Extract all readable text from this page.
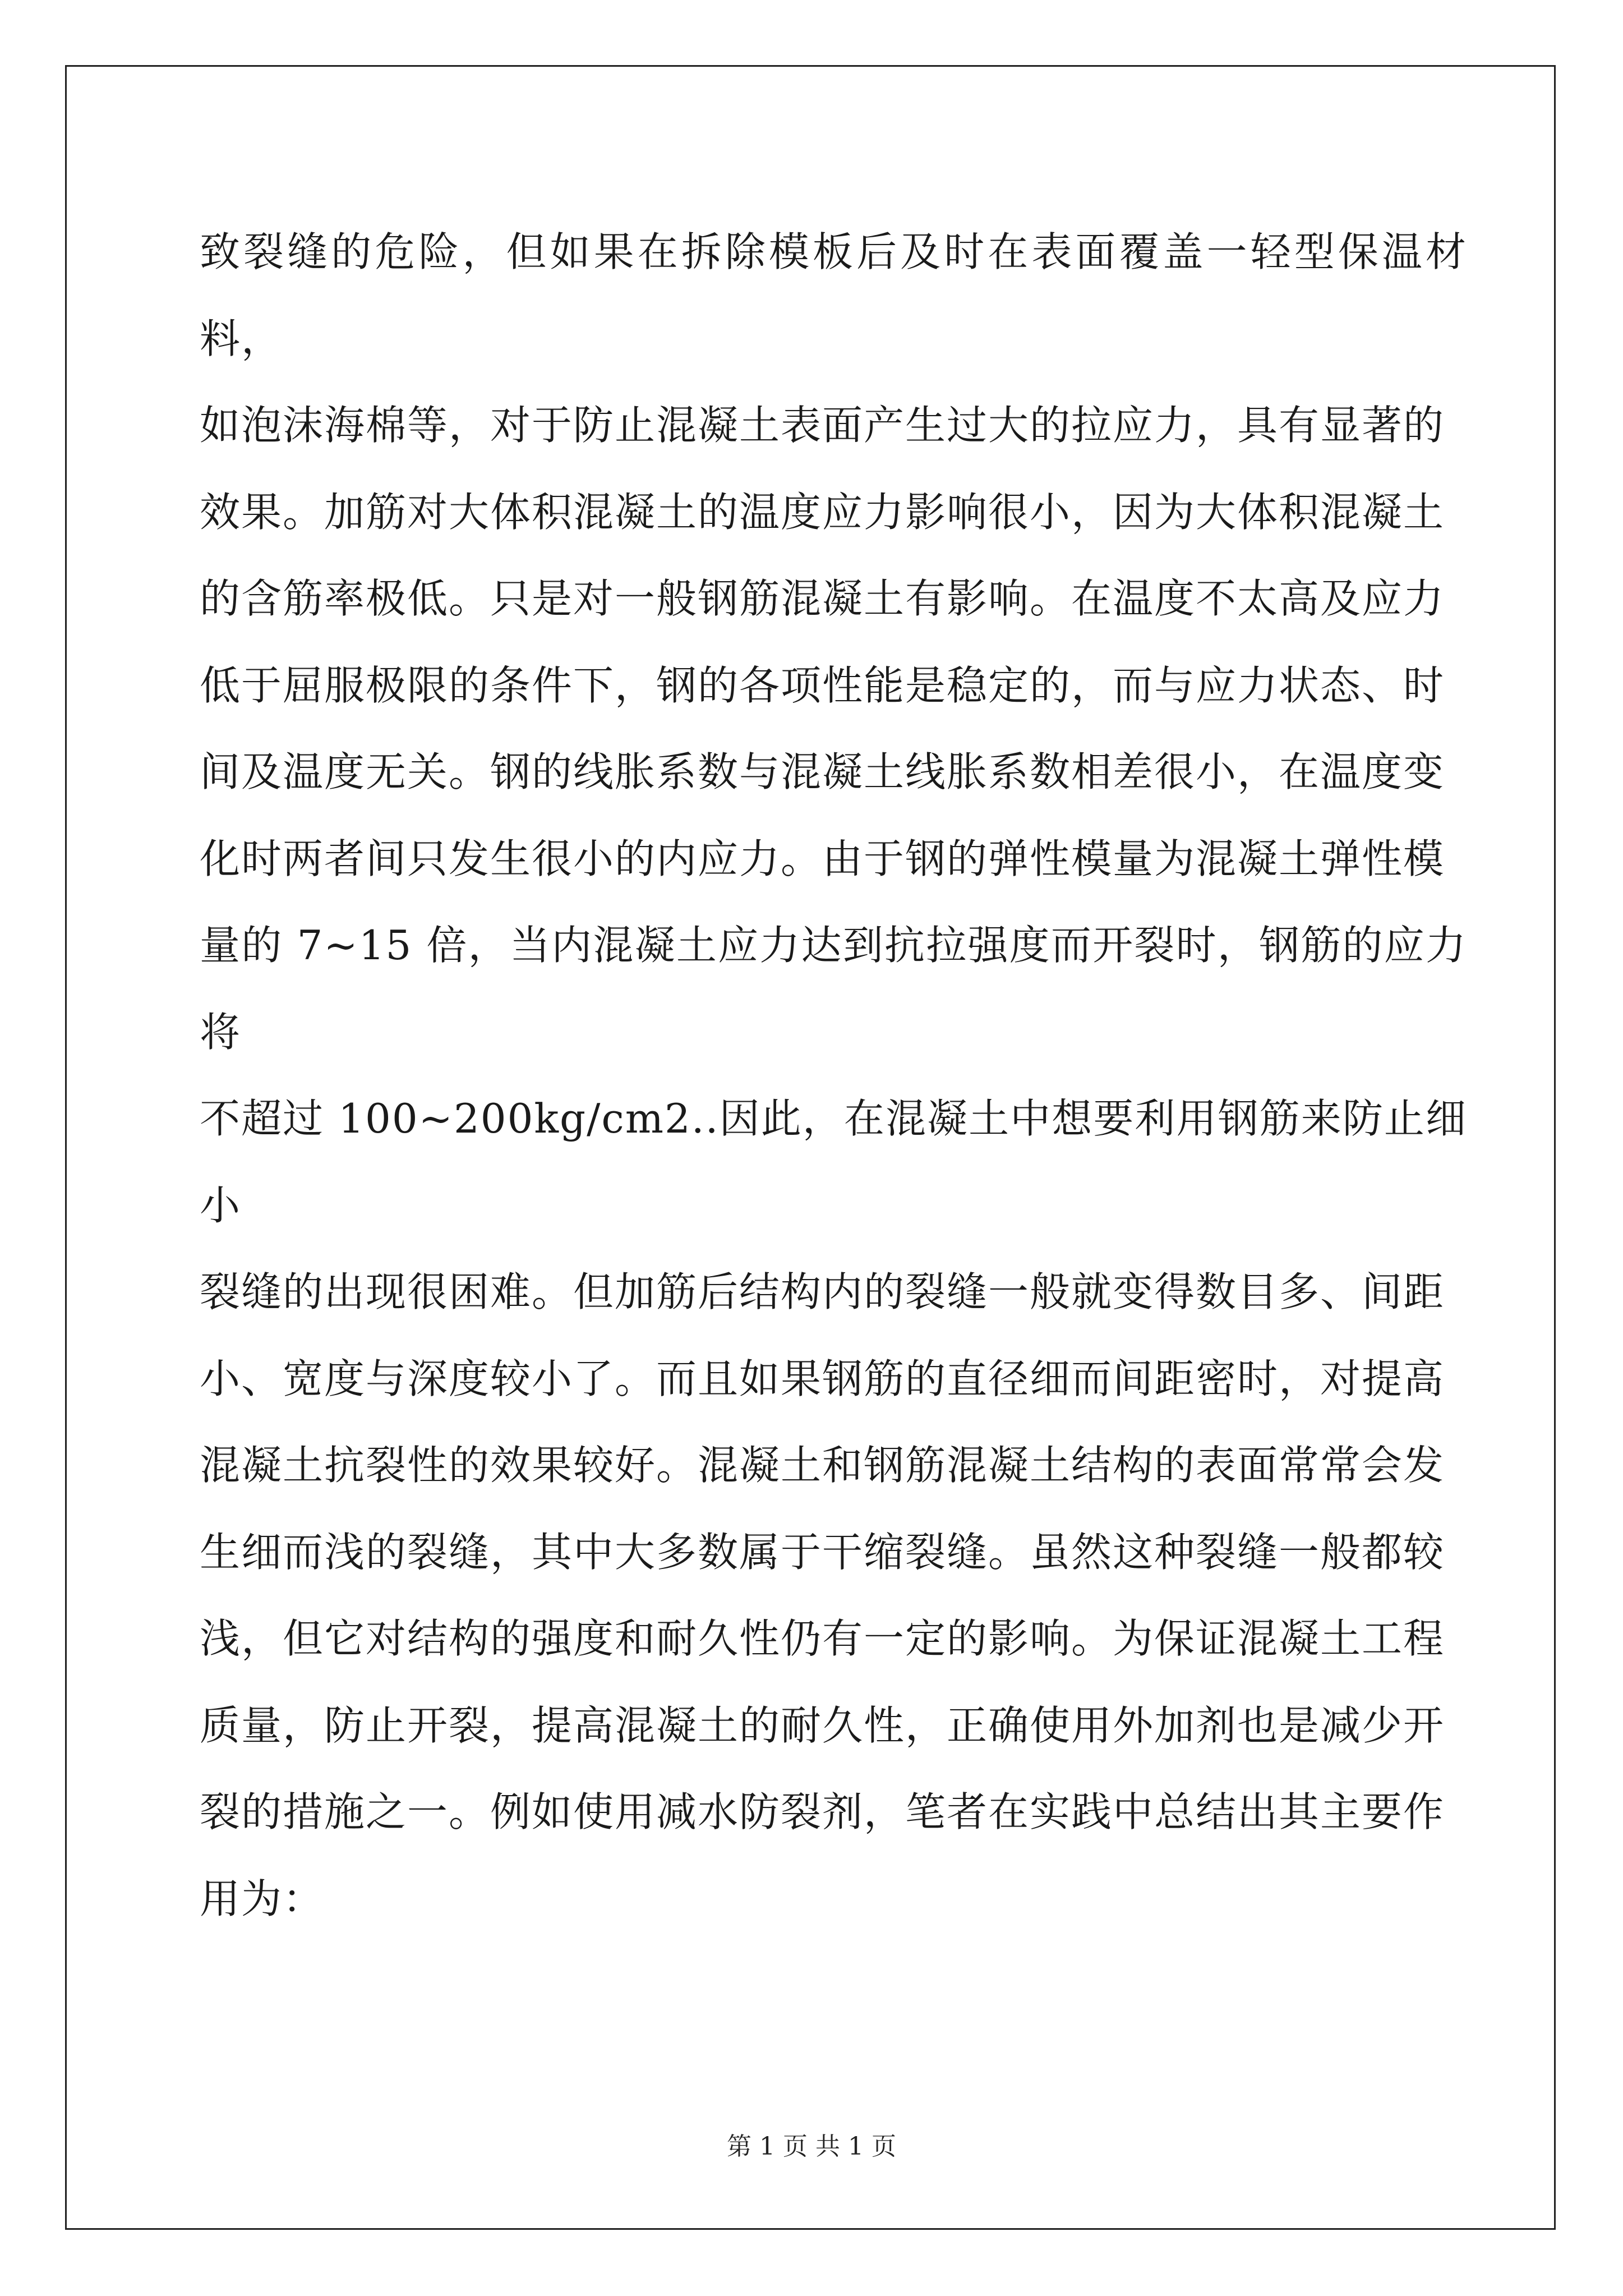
致裂缝的危险，但如果在拆除模板后及时在表面覆盖一轻型保温材料，
如泡沫海棉等，对于防止混凝土表面产生过大的拉应力，具有显著的
效果。加筋对大体积混凝土的温度应力影响很小，因为大体积混凝土
的含筋率极低。只是对一般钢筋混凝土有影响。在温度不太高及应力
低于屈服极限的条件下，钢的各项性能是稳定的，而与应力状态、时
间及温度无关。钢的线胀系数与混凝土线胀系数相差很小，在温度变
化时两者间只发生很小的内应力。由于钢的弹性模量为混凝土弹性模
量的 7~15 倍，当内混凝土应力达到抗拉强度而开裂时，钢筋的应力将
不超过 100~200kg/cm2..因此，在混凝土中想要利用钢筋来防止细小
裂缝的出现很困难。但加筋后结构内的裂缝一般就变得数目多、间距
小、宽度与深度较小了。而且如果钢筋的直径细而间距密时，对提高
混凝土抗裂性的效果较好。混凝土和钢筋混凝土结构的表面常常会发
生细而浅的裂缝，其中大多数属于干缩裂缝。虽然这种裂缝一般都较
浅，但它对结构的强度和耐久性仍有一定的影响。为保证混凝土工程
质量，防止开裂，提高混凝土的耐久性，正确使用外加剂也是减少开
裂的措施之一。例如使用减水防裂剂，笔者在实践中总结出其主要作
用为：

第 1 页 共 1 页
